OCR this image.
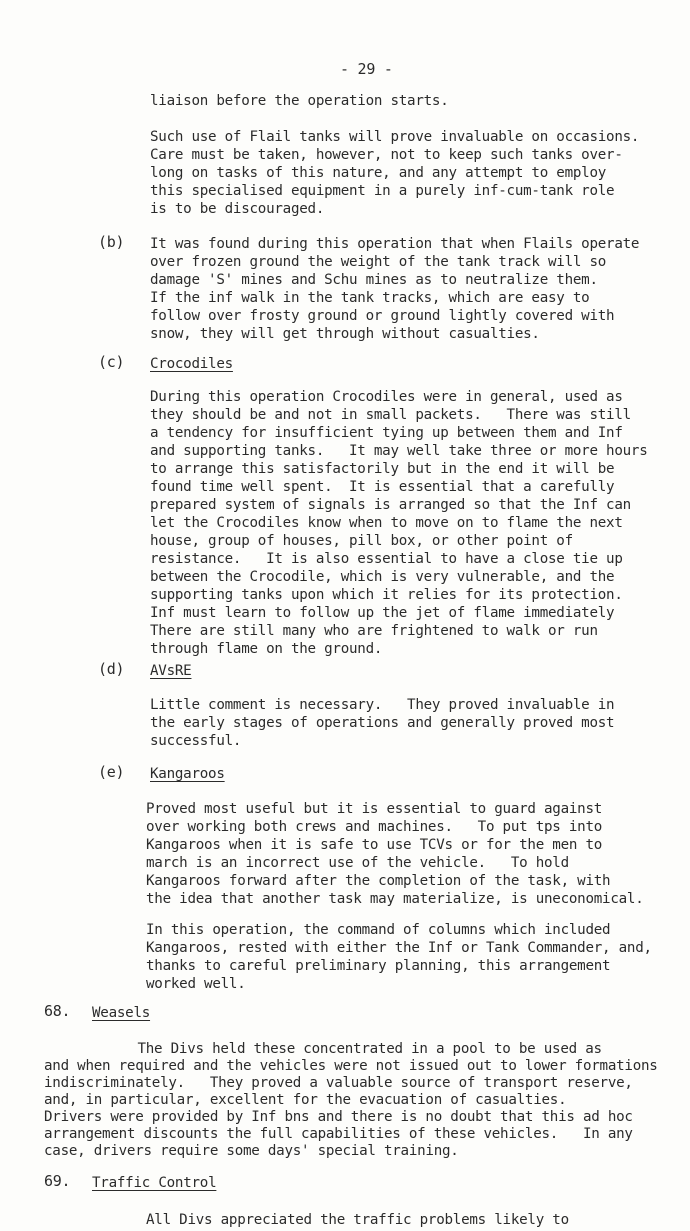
- 29 -
liaison before the operation starts.
Such use of Flail tanks will prove invaluable on occasions.
Care must be taken, however, not to keep such tanks over-
long on tasks of this nature, and any attempt to employ
this specialised equipment in a purely inf-cum-tank role
is to be discouraged.
(b) It was found during this operation that when Flails operate
over frozen ground the weight of the tank track will so
damage 'S' mines and Schu mines as to neutralize them.
If the inf walk in the tank tracks, which are easy to
follow over frosty ground or ground lightly covered with
snow, they will get through without casualties.
(c) Crocodiles
During this operation Crocodiles were in general, used as
they should be and not in small packets.   There was still
a tendency for insufficient tying up between them and Inf
and supporting tanks.   It may well take three or more hours
to arrange this satisfactorily but in the end it will be
found time well spent.  It is essential that a carefully
prepared system of signals is arranged so that the Inf can
let the Crocodiles know when to move on to flame the next
house, group of houses, pill box, or other point of
resistance.   It is also essential to have a close tie up
between the Crocodile, which is very vulnerable, and the
supporting tanks upon which it relies for its protection.
Inf must learn to follow up the jet of flame immediately
There are still many who are frightened to walk or run
through flame on the ground.
(d) AVsRE
Little comment is necessary.   They proved invaluable in
the early stages of operations and generally proved most
successful.
(e) Kangaroos
Proved most useful but it is essential to guard against
over working both crews and machines.   To put tps into
Kangaroos when it is safe to use TCVs or for the men to
march is an incorrect use of the vehicle.   To hold
Kangaroos forward after the completion of the task, with
the idea that another task may materialize, is uneconomical.
In this operation, the command of columns which included
Kangaroos, rested with either the Inf or Tank Commander, and,
thanks to careful preliminary planning, this arrangement
worked well.
68. Weasels
The Divs held these concentrated in a pool to be used as
and when required and the vehicles were not issued out to lower formations
indiscriminately.   They proved a valuable source of transport reserve,
and, in particular, excellent for the evacuation of casualties.
Drivers were provided by Inf bns and there is no doubt that this ad hoc
arrangement discounts the full capabilities of these vehicles.   In any
case, drivers require some days' special training.
69. Traffic Control
All Divs appreciated the traffic problems likely to
